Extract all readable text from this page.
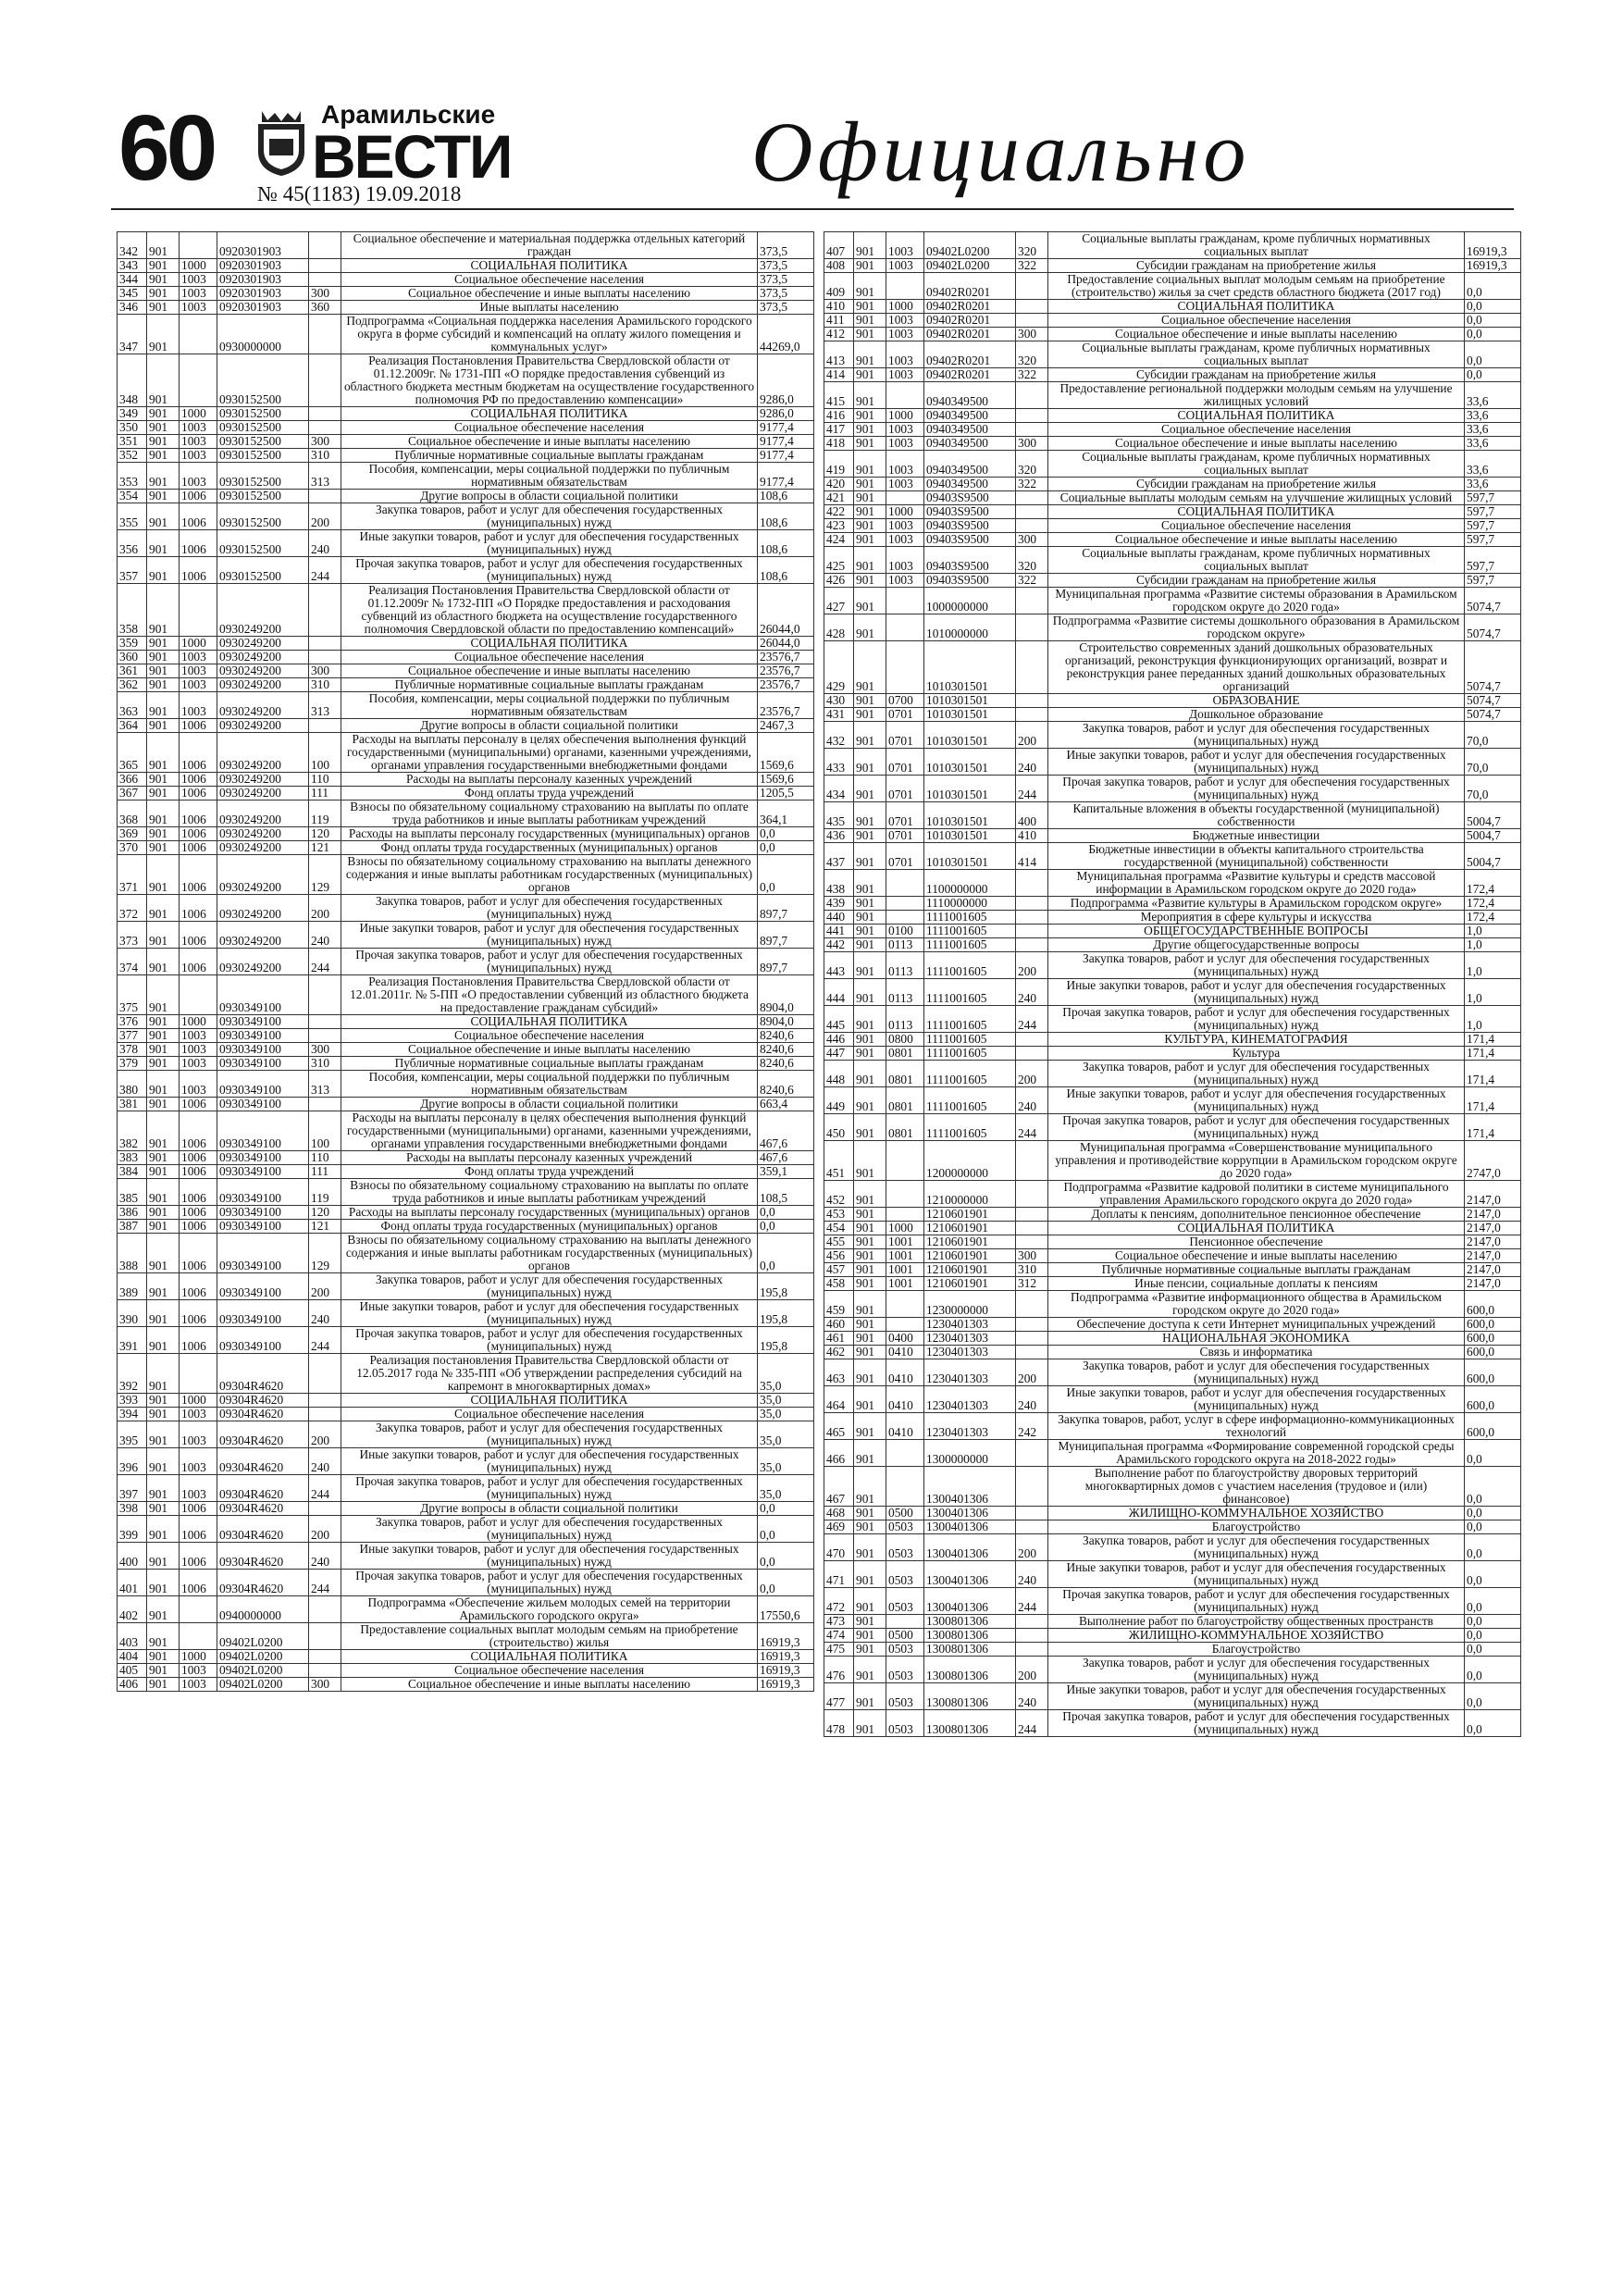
60	Арамильские
ВЕСТИ
№ 45(1183) 19.09.2018	Официально
342	901		0920301903		Социальное обеспечение и материальная поддержка отдельных категорий граждан	373,5
343	901	1000	0920301903		СОЦИАЛЬНАЯ ПОЛИТИКА	373,5
344	901	1003	0920301903		Социальное обеспечение населения	373,5
345	901	1003	0920301903	300	Социальное обеспечение и иные выплаты населению	373,5
346	901	1003	0920301903	360	Иные выплаты населению	373,5
347	901		0930000000		Подпрограмма «Социальная поддержка населения Арамильского городского округа в форме субсидий и компенсаций на оплату жилого помещения и коммунальных услуг»	44269,0
348	901		0930152500		Реализация Постановления Правительства Свердловской области от 01.12.2009г. № 1731-ПП «О порядке предоставления субвенций из областного бюджета местным бюджетам на осуществление государственного полномочия РФ по предоставлению компенсации»	9286,0
349	901	1000	0930152500		СОЦИАЛЬНАЯ ПОЛИТИКА	9286,0
350	901	1003	0930152500		Социальное обеспечение населения	9177,4
351	901	1003	0930152500	300	Социальное обеспечение и иные выплаты населению	9177,4
352	901	1003	0930152500	310	Публичные нормативные социальные выплаты гражданам	9177,4
353	901	1003	0930152500	313	Пособия, компенсации, меры социальной поддержки по публичным нормативным обязательствам	9177,4
354	901	1006	0930152500		Другие вопросы в области социальной политики	108,6
355	901	1006	0930152500	200	Закупка товаров, работ и услуг для обеспечения государственных (муниципальных) нужд	108,6
356	901	1006	0930152500	240	Иные закупки товаров, работ и услуг для обеспечения государственных (муниципальных) нужд	108,6
357	901	1006	0930152500	244	Прочая закупка товаров, работ и услуг для обеспечения государственных (муниципальных) нужд	108,6
358	901		0930249200		Реализация Постановления Правительства Свердловской области от 01.12.2009г № 1732-ПП «О Порядке предоставления и расходования субвенций из областного бюджета на осуществление государственного полномочия Свердловской области по предоставлению компенсаций»	26044,0
359	901	1000	0930249200		СОЦИАЛЬНАЯ ПОЛИТИКА	26044,0
360	901	1003	0930249200		Социальное обеспечение населения	23576,7
361	901	1003	0930249200	300	Социальное обеспечение и иные выплаты населению	23576,7
362	901	1003	0930249200	310	Публичные нормативные социальные выплаты гражданам	23576,7
363	901	1003	0930249200	313	Пособия, компенсации, меры социальной поддержки по публичным нормативным обязательствам	23576,7
364	901	1006	0930249200		Другие вопросы в области социальной политики	2467,3
365	901	1006	0930249200	100	Расходы на выплаты персоналу в целях обеспечения выполнения функций государственными (муниципальными) органами, казенными учреждениями, органами управления государственными внебюджетными фондами	1569,6
366	901	1006	0930249200	110	Расходы на выплаты персоналу казенных учреждений	1569,6
367	901	1006	0930249200	111	Фонд оплаты труда учреждений	1205,5
368	901	1006	0930249200	119	Взносы по обязательному социальному страхованию на выплаты по оплате труда работников и иные выплаты работникам учреждений	364,1
369	901	1006	0930249200	120	Расходы на выплаты персоналу государственных (муниципальных) органов	0,0
370	901	1006	0930249200	121	Фонд оплаты труда государственных (муниципальных) органов	0,0
371	901	1006	0930249200	129	Взносы по обязательному социальному страхованию на выплаты денежного содержания и иные выплаты работникам государственных (муниципальных) органов	0,0
372	901	1006	0930249200	200	Закупка товаров, работ и услуг для обеспечения государственных (муниципальных) нужд	897,7
373	901	1006	0930249200	240	Иные закупки товаров, работ и услуг для обеспечения государственных (муниципальных) нужд	897,7
374	901	1006	0930249200	244	Прочая закупка товаров, работ и услуг для обеспечения государственных (муниципальных) нужд	897,7
375	901		0930349100		Реализация Постановления Правительства Свердловской области от 12.01.2011г. № 5-ПП «О предоставлении субвенций из областного бюджета на предоставление гражданам субсидий»	8904,0
376	901	1000	0930349100		СОЦИАЛЬНАЯ ПОЛИТИКА	8904,0
377	901	1003	0930349100		Социальное обеспечение населения	8240,6
378	901	1003	0930349100	300	Социальное обеспечение и иные выплаты населению	8240,6
379	901	1003	0930349100	310	Публичные нормативные социальные выплаты гражданам	8240,6
380	901	1003	0930349100	313	Пособия, компенсации, меры социальной поддержки по публичным нормативным обязательствам	8240,6
381	901	1006	0930349100		Другие вопросы в области социальной политики	663,4
382	901	1006	0930349100	100	Расходы на выплаты персоналу в целях обеспечения выполнения функций государственными (муниципальными) органами, казенными учреждениями, органами управления государственными внебюджетными фондами	467,6
383	901	1006	0930349100	110	Расходы на выплаты персоналу казенных учреждений	467,6
384	901	1006	0930349100	111	Фонд оплаты труда учреждений	359,1
385	901	1006	0930349100	119	Взносы по обязательному социальному страхованию на выплаты по оплате труда работников и иные выплаты работникам учреждений	108,5
386	901	1006	0930349100	120	Расходы на выплаты персоналу государственных (муниципальных) органов	0,0
387	901	1006	0930349100	121	Фонд оплаты труда государственных (муниципальных) органов	0,0
388	901	1006	0930349100	129	Взносы по обязательному социальному страхованию на выплаты денежного содержания и иные выплаты работникам государственных (муниципальных) органов	0,0
389	901	1006	0930349100	200	Закупка товаров, работ и услуг для обеспечения государственных (муниципальных) нужд	195,8
390	901	1006	0930349100	240	Иные закупки товаров, работ и услуг для обеспечения государственных (муниципальных) нужд	195,8
391	901	1006	0930349100	244	Прочая закупка товаров, работ и услуг для обеспечения государственных (муниципальных) нужд	195,8
392	901		09304R4620		Реализация постановления Правительства Свердловской области от 12.05.2017 года № 335-ПП «Об утверждении распределения субсидий на капремонт в многоквартирных домах»	35,0
393	901	1000	09304R4620		СОЦИАЛЬНАЯ ПОЛИТИКА	35,0
394	901	1003	09304R4620		Социальное обеспечение населения	35,0
395	901	1003	09304R4620	200	Закупка товаров, работ и услуг для обеспечения государственных (муниципальных) нужд	35,0
396	901	1003	09304R4620	240	Иные закупки товаров, работ и услуг для обеспечения государственных (муниципальных) нужд	35,0
397	901	1003	09304R4620	244	Прочая закупка товаров, работ и услуг для обеспечения государственных (муниципальных) нужд	35,0
398	901	1006	09304R4620		Другие вопросы в области социальной политики	0,0
399	901	1006	09304R4620	200	Закупка товаров, работ и услуг для обеспечения государственных (муниципальных) нужд	0,0
400	901	1006	09304R4620	240	Иные закупки товаров, работ и услуг для обеспечения государственных (муниципальных) нужд	0,0
401	901	1006	09304R4620	244	Прочая закупка товаров, работ и услуг для обеспечения государственных (муниципальных) нужд	0,0
402	901		0940000000		Подпрограмма «Обеспечение жильем молодых семей на территории Арамильского городского округа»	17550,6
403	901		09402L0200		Предоставление социальных выплат молодым семьям на приобретение (строительство) жилья	16919,3
404	901	1000	09402L0200		СОЦИАЛЬНАЯ ПОЛИТИКА	16919,3
405	901	1003	09402L0200		Социальное обеспечение населения	16919,3
406	901	1003	09402L0200	300	Социальное обеспечение и иные выплаты населению	16919,3
407	901	1003	09402L0200	320	Социальные выплаты гражданам, кроме публичных нормативных социальных выплат	16919,3
408	901	1003	09402L0200	322	Субсидии гражданам на приобретение жилья	16919,3
409	901		09402R0201		Предоставление социальных выплат молодым семьям на приобретение (строительство) жилья за счет средств областного бюджета (2017 год)	0,0
410	901	1000	09402R0201		СОЦИАЛЬНАЯ ПОЛИТИКА	0,0
411	901	1003	09402R0201		Социальное обеспечение населения	0,0
412	901	1003	09402R0201	300	Социальное обеспечение и иные выплаты населению	0,0
413	901	1003	09402R0201	320	Социальные выплаты гражданам, кроме публичных нормативных социальных выплат	0,0
414	901	1003	09402R0201	322	Субсидии гражданам на приобретение жилья	0,0
415	901		0940349500		Предоставление региональной поддержки молодым семьям на улучшение жилищных условий	33,6
416	901	1000	0940349500		СОЦИАЛЬНАЯ ПОЛИТИКА	33,6
417	901	1003	0940349500		Социальное обеспечение населения	33,6
418	901	1003	0940349500	300	Социальное обеспечение и иные выплаты населению	33,6
419	901	1003	0940349500	320	Социальные выплаты гражданам, кроме публичных нормативных социальных выплат	33,6
420	901	1003	0940349500	322	Субсидии гражданам на приобретение жилья	33,6
421	901		09403S9500		Социальные выплаты молодым семьям на улучшение жилищных условий	597,7
422	901	1000	09403S9500		СОЦИАЛЬНАЯ ПОЛИТИКА	597,7
423	901	1003	09403S9500		Социальное обеспечение населения	597,7
424	901	1003	09403S9500	300	Социальное обеспечение и иные выплаты населению	597,7
425	901	1003	09403S9500	320	Социальные выплаты гражданам, кроме публичных нормативных социальных выплат	597,7
426	901	1003	09403S9500	322	Субсидии гражданам на приобретение жилья	597,7
427	901		1000000000		Муниципальная программа «Развитие системы образования в Арамильском городском округе до 2020 года»	5074,7
428	901		1010000000		Подпрограмма «Развитие системы дошкольного образования в Арамильском городском округе»	5074,7
429	901		1010301501		Строительство современных зданий дошкольных образовательных организаций, реконструкция функционирующих организаций, возврат и реконструкция ранее переданных зданий дошкольных образовательных организаций	5074,7
430	901	0700	1010301501		ОБРАЗОВАНИЕ	5074,7
431	901	0701	1010301501		Дошкольное образование	5074,7
432	901	0701	1010301501	200	Закупка товаров, работ и услуг для обеспечения государственных (муниципальных) нужд	70,0
433	901	0701	1010301501	240	Иные закупки товаров, работ и услуг для обеспечения государственных (муниципальных) нужд	70,0
434	901	0701	1010301501	244	Прочая закупка товаров, работ и услуг для обеспечения государственных (муниципальных) нужд	70,0
435	901	0701	1010301501	400	Капитальные вложения в объекты государственной (муниципальной) собственности	5004,7
436	901	0701	1010301501	410	Бюджетные инвестиции	5004,7
437	901	0701	1010301501	414	Бюджетные инвестиции в объекты капитального строительства государственной (муниципальной) собственности	5004,7
438	901		1100000000		Муниципальная программа «Развитие культуры и средств массовой информации в Арамильском городском округе до 2020 года»	172,4
439	901		1110000000		Подпрограмма «Развитие культуры в Арамильском городском округе»	172,4
440	901		1111001605		Мероприятия в сфере культуры и искусства	172,4
441	901	0100	1111001605		ОБЩЕГОСУДАРСТВЕННЫЕ ВОПРОСЫ	1,0
442	901	0113	1111001605		Другие общегосударственные вопросы	1,0
443	901	0113	1111001605	200	Закупка товаров, работ и услуг для обеспечения государственных (муниципальных) нужд	1,0
444	901	0113	1111001605	240	Иные закупки товаров, работ и услуг для обеспечения государственных (муниципальных) нужд	1,0
445	901	0113	1111001605	244	Прочая закупка товаров, работ и услуг для обеспечения государственных (муниципальных) нужд	1,0
446	901	0800	1111001605		КУЛЬТУРА, КИНЕМАТОГРАФИЯ	171,4
447	901	0801	1111001605		Культура	171,4
448	901	0801	1111001605	200	Закупка товаров, работ и услуг для обеспечения государственных (муниципальных) нужд	171,4
449	901	0801	1111001605	240	Иные закупки товаров, работ и услуг для обеспечения государственных (муниципальных) нужд	171,4
450	901	0801	1111001605	244	Прочая закупка товаров, работ и услуг для обеспечения государственных (муниципальных) нужд	171,4
451	901		1200000000		Муниципальная программа «Совершенствование муниципального управления и противодействие коррупции в Арамильском городском округе до 2020 года»	2747,0
452	901		1210000000		Подпрограмма «Развитие кадровой политики в системе муниципального управления Арамильского городского округа до 2020 года»	2147,0
453	901		1210601901		Доплаты к пенсиям, дополнительное пенсионное обеспечение	2147,0
454	901	1000	1210601901		СОЦИАЛЬНАЯ ПОЛИТИКА	2147,0
455	901	1001	1210601901		Пенсионное обеспечение	2147,0
456	901	1001	1210601901	300	Социальное обеспечение и иные выплаты населению	2147,0
457	901	1001	1210601901	310	Публичные нормативные социальные выплаты гражданам	2147,0
458	901	1001	1210601901	312	Иные пенсии, социальные доплаты к пенсиям	2147,0
459	901		1230000000		Подпрограмма «Развитие информационного общества в Арамильском городском округе до 2020 года»	600,0
460	901		1230401303		Обеспечение доступа к сети Интернет муниципальных учреждений	600,0
461	901	0400	1230401303		НАЦИОНАЛЬНАЯ ЭКОНОМИКА	600,0
462	901	0410	1230401303		Связь и информатика	600,0
463	901	0410	1230401303	200	Закупка товаров, работ и услуг для обеспечения государственных (муниципальных) нужд	600,0
464	901	0410	1230401303	240	Иные закупки товаров, работ и услуг для обеспечения государственных (муниципальных) нужд	600,0
465	901	0410	1230401303	242	Закупка товаров, работ, услуг в сфере информационно-коммуникационных технологий	600,0
466	901		1300000000		Муниципальная программа «Формирование современной городской среды Арамильского городского округа на 2018-2022 годы»	0,0
467	901		1300401306		Выполнение работ по благоустройству дворовых территорий многоквартирных домов с участием населения (трудовое и (или) финансовое)	0,0
468	901	0500	1300401306		ЖИЛИЩНО-КОММУНАЛЬНОЕ ХОЗЯЙСТВО	0,0
469	901	0503	1300401306		Благоустройство	0,0
470	901	0503	1300401306	200	Закупка товаров, работ и услуг для обеспечения государственных (муниципальных) нужд	0,0
471	901	0503	1300401306	240	Иные закупки товаров, работ и услуг для обеспечения государственных (муниципальных) нужд	0,0
472	901	0503	1300401306	244	Прочая закупка товаров, работ и услуг для обеспечения государственных (муниципальных) нужд	0,0
473	901		1300801306		Выполнение работ по благоустройству общественных пространств	0,0
474	901	0500	1300801306		ЖИЛИЩНО-КОММУНАЛЬНОЕ ХОЗЯЙСТВО	0,0
475	901	0503	1300801306		Благоустройство	0,0
476	901	0503	1300801306	200	Закупка товаров, работ и услуг для обеспечения государственных (муниципальных) нужд	0,0
477	901	0503	1300801306	240	Иные закупки товаров, работ и услуг для обеспечения государственных (муниципальных) нужд	0,0
478	901	0503	1300801306	244	Прочая закупка товаров, работ и услуг для обеспечения государственных (муниципальных) нужд	0,0
